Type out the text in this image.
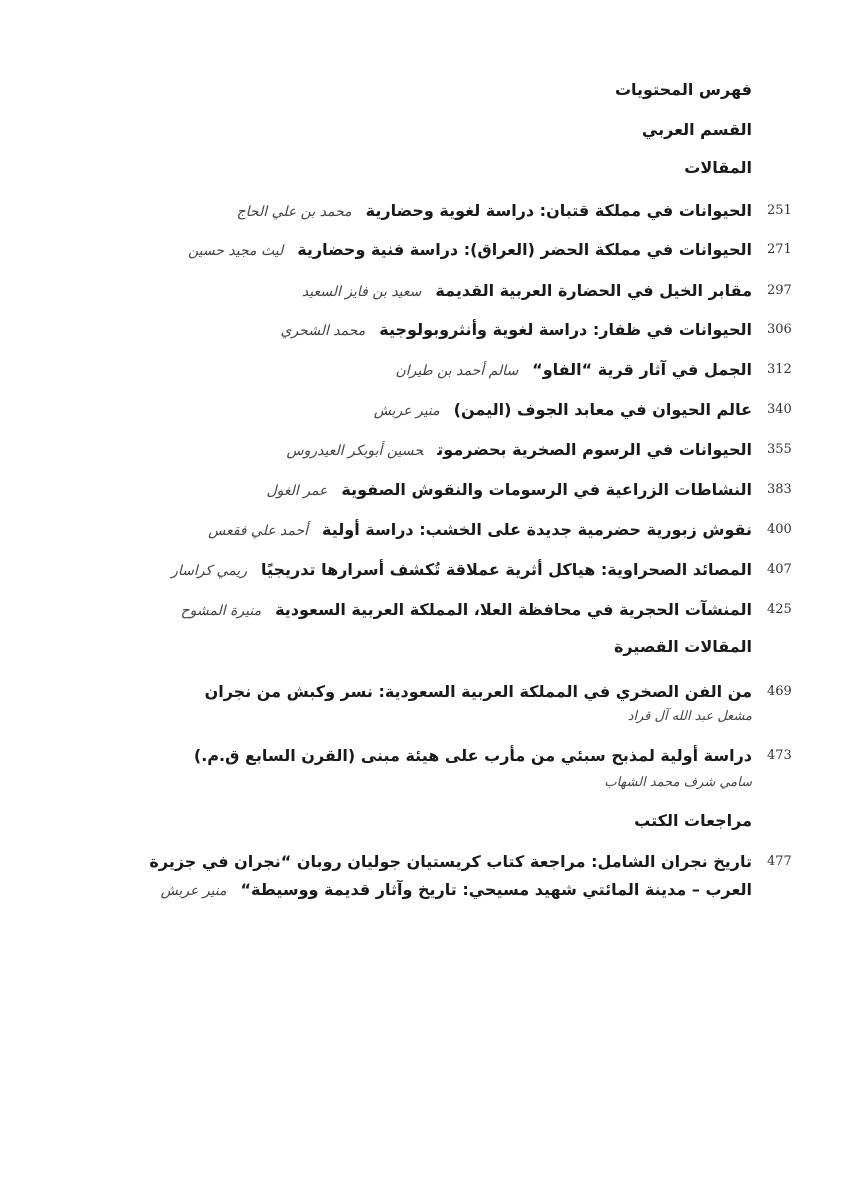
فهرس المحتويات
القسم العربي
المقالات
251
الحيوانات في مملكة قتبان: دراسة لغوية وحضاريةمحمد بن علي الحاج
271
الحيوانات في مملكة الحضر (العراق): دراسة فنية وحضاريةليث مجيد حسين
297
مقابر الخيل في الحضارة العربية القديمةسعيد بن فايز السعيد
306
الحيوانات في ظفار: دراسة لغوية وأنثروبولوجيةمحمد الشحري
312
الجمل في آثار قرية “الفاو“سالم أحمد بن طيران
340
عالم الحيوان في معابد الجوف (اليمن)منير عربش
355
الحيوانات في الرسوم الصخرية بحضرموتحسين أبوبكر العيدروس
383
النشاطات الزراعية في الرسومات والنقوش الصفويةعمر الغول
400
نقوش زبورية حضرمية جديدة على الخشب: دراسة أوليةأحمد علي فقعس
407
المصائد الصحراوية: هياكل أثرية عملاقة تُكشف أسرارها تدريجيًاريمي كراسار
425
المنشآت الحجرية في محافظة العلا، المملكة العربية السعوديةمنيرة المشوح
المقالات القصيرة
469
من الفن الصخري في المملكة العربية السعودية: نسر وكبش من نجران
مشعل عبد الله آل قراد
473
دراسة أولية لمذبح سبئي من مأرب على هيئة مبنى (القرن السابع ق.م.)
سامي شرف محمد الشهاب
مراجعات الكتب
477
تاريخ نجران الشامل: مراجعة كتاب كريستيان جوليان روبان “نجران في جزيرة
العرب – مدينة المائتي شهيد مسيحي: تاريخ وآثار قديمة ووسيطة“منير عربش
